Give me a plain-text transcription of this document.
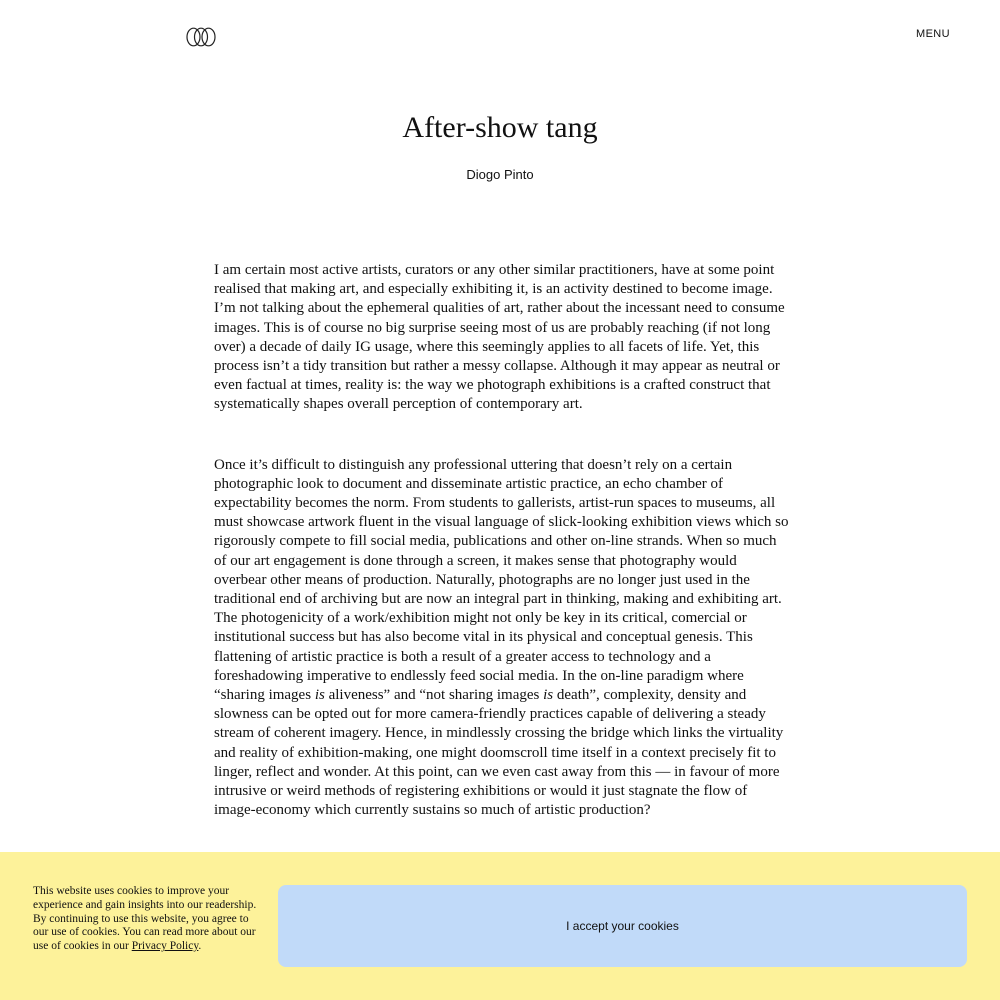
MENU
After-show tang
Diogo Pinto

I am certain most active artists, curators or any other similar practitioners, have at some point realised that making art, and especially exhibiting it, is an activity destined to become image. I’m not talking about the ephemeral qualities of art, rather about the incessant need to consume images. This is of course no big surprise seeing most of us are probably reaching (if not long over) a decade of daily IG usage, where this seemingly applies to all facets of life. Yet, this process isn’t a tidy transition but rather a messy collapse. Although it may appear as neutral or even factual at times, reality is: the way we photograph exhibitions is a crafted construct that systematically shapes overall perception of contemporary art.

Once it’s difficult to distinguish any professional uttering that doesn’t rely on a certain photographic look to document and disseminate artistic practice, an echo chamber of expectability becomes the norm. From students to gallerists, artist-run spaces to museums, all must showcase artwork fluent in the visual language of slick-looking exhibition views which so rigorously compete to fill social media, publications and other on-line strands. When so much of our art engagement is done through a screen, it makes sense that photography would overbear other means of production. Naturally, photographs are no longer just used in the traditional end of archiving but are now an integral part in thinking, making and exhibiting art. The photogenicity of a work/exhibition might not only be key in its critical, comercial or institutional success but has also become vital in its physical and conceptual genesis. This flattening of artistic practice is both a result of a greater access to technology and a foreshadowing imperative to endlessly feed social media. In the on-line paradigm where “sharing images is aliveness” and “not sharing images is death”, complexity, density and slowness can be opted out for more camera-friendly practices capable of delivering a steady stream of coherent imagery. Hence, in mindlessly crossing the bridge which links the virtuality and reality of exhibition-making, one might doomscroll time itself in a context precisely fit to linger, reflect and wonder. At this point, can we even cast away from this — in favour of more intrusive or weird methods of registering exhibitions or would it just stagnate the flow of image-economy which currently sustains so much of artistic production?

This website uses cookies to improve your experience and gain insights into our readership. By continuing to use this website, you agree to our use of cookies. You can read more about our use of cookies in our Privacy Policy.

I accept your cookies
